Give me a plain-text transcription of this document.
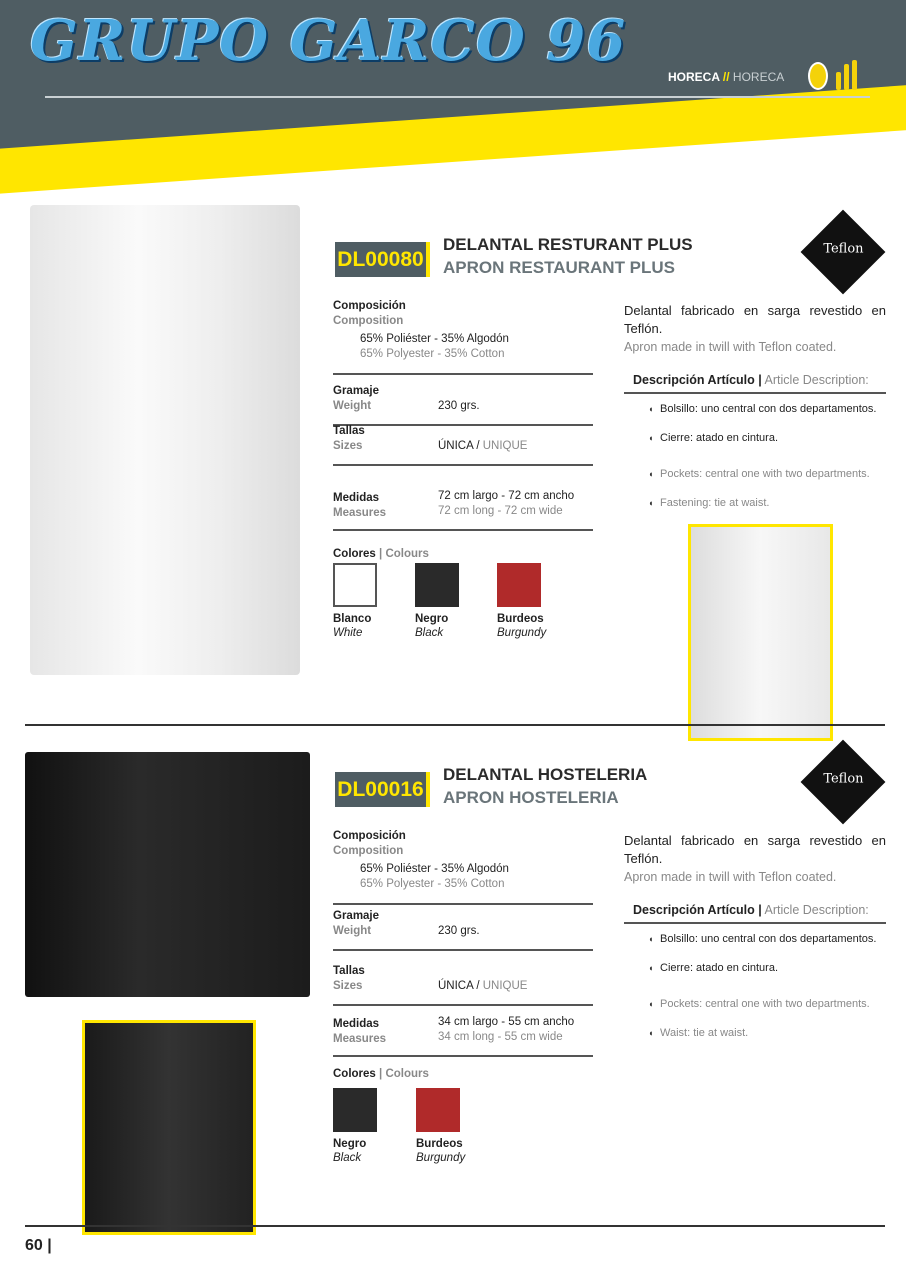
GRUPO GARCO 96
HORECA // HORECA
DL00080
DELANTAL RESTURANT PLUS
APRON RESTAURANT PLUS
Teflon
Composición
Composition
65% Poliéster - 35% Algodón
65% Polyester - 35% Cotton
Gramaje
Weight	230 grs.
Tallas
Sizes	ÚNICA / UNIQUE
Medidas
Measures
72 cm largo - 72 cm ancho
72 cm long - 72 cm wide
Colores | Colours
Blanco
White
Negro
Black
Burdeos
Burgundy
Delantal fabricado en sarga revestido en Teflón.
Apron made in twill with Teflon coated.
Descripción Artículo | Article Description:
◖ Bolsillo: uno central con dos departamentos.
◖ Cierre: atado en cintura.
◖ Pockets: central one with two departments.
◖ Fastening: tie at waist.
DL00016
DELANTAL HOSTELERIA
APRON HOSTELERIA
Teflon
Composición
Composition
65% Poliéster - 35% Algodón
65% Polyester - 35% Cotton
Gramaje
Weight	230 grs.
Tallas
Sizes	ÚNICA / UNIQUE
Medidas
Measures
34 cm largo - 55 cm ancho
34 cm long - 55 cm wide
Colores | Colours
Negro
Black
Burdeos
Burgundy
Delantal fabricado en sarga revestido en Teflón.
Apron made in twill with Teflon coated.
Descripción Artículo | Article Description:
◖ Bolsillo: uno central con dos departamentos.
◖ Cierre: atado en cintura.
◖ Pockets: central one with two departments.
◖ Waist: tie at waist.
60 |
